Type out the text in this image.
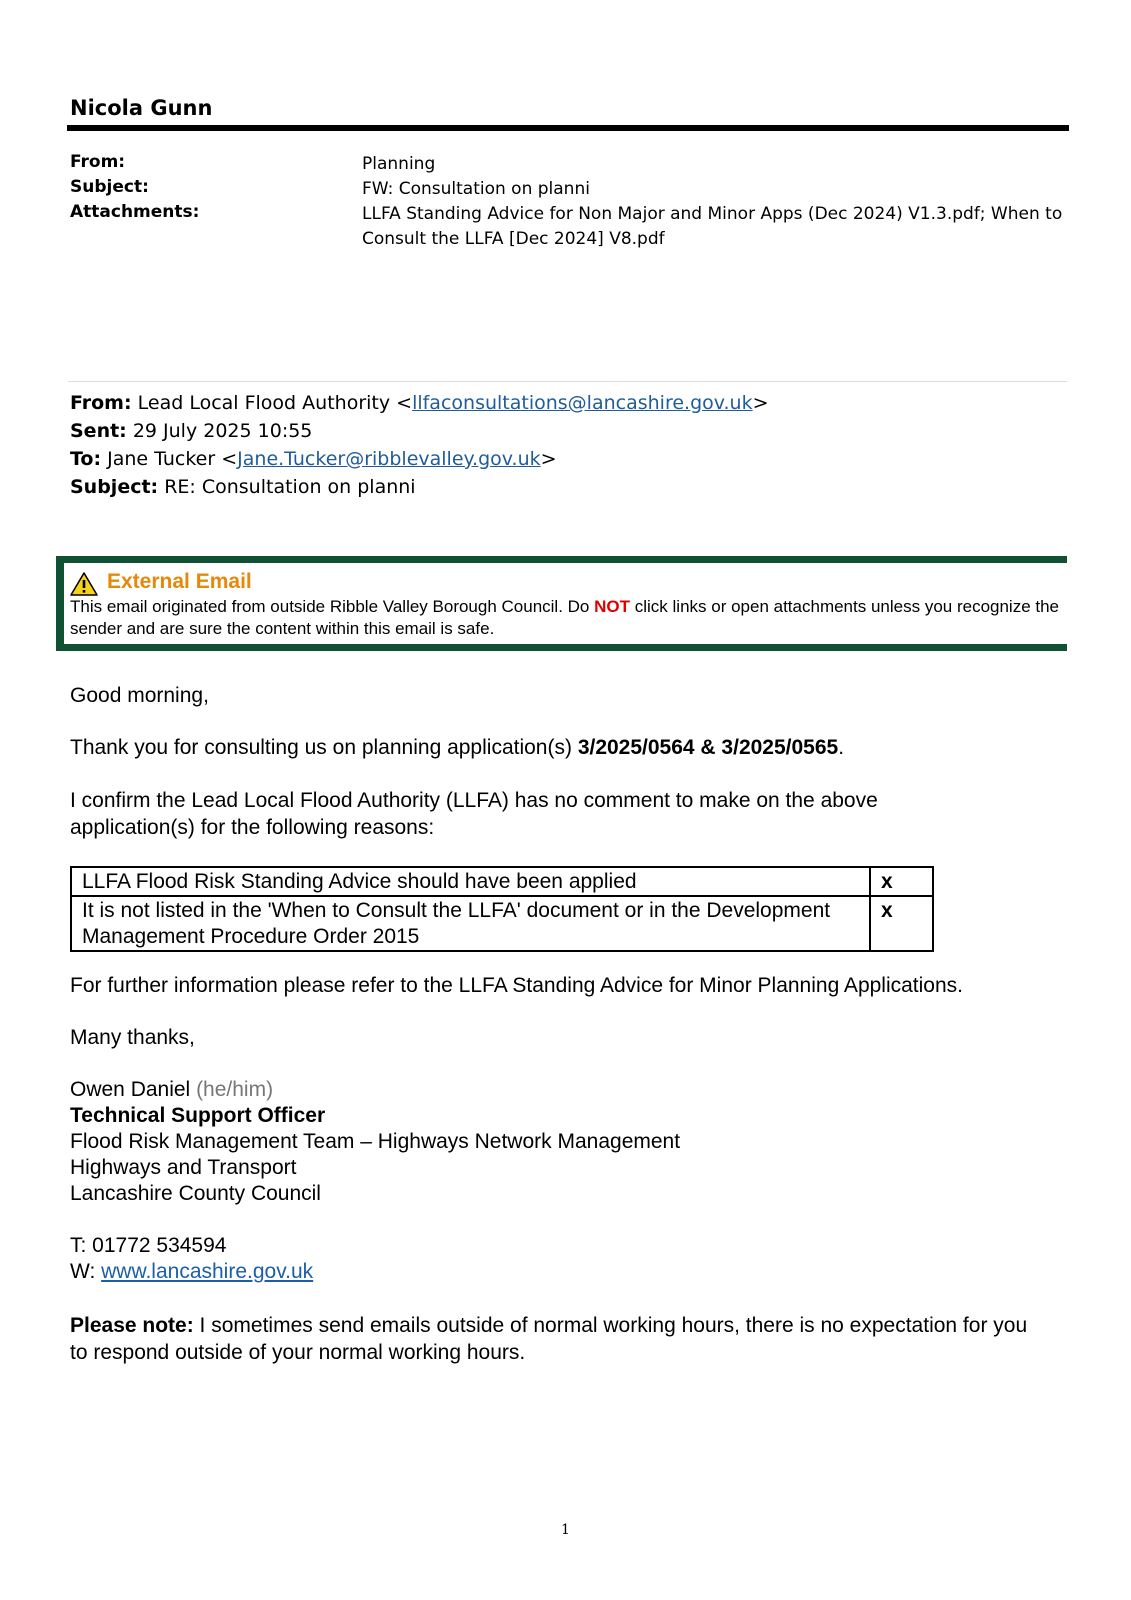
Nicola Gunn
From:	Planning
Subject:	FW: Consultation on planni
Attachments:	LLFA Standing Advice for Non Major and Minor Apps (Dec 2024) V1.3.pdf; When to
Consult the LLFA [Dec 2024] V8.pdf
From: Lead Local Flood Authority <llfaconsultations@lancashire.gov.uk>
Sent: 29 July 2025 10:55
To: Jane Tucker <Jane.Tucker@ribblevalley.gov.uk>
Subject: RE: Consultation on planni
External Email
This email originated from outside Ribble Valley Borough Council. Do NOT click links or open attachments unless you recognize the sender and are sure the content within this email is safe.
Good morning,
Thank you for consulting us on planning application(s) 3/2025/0564 & 3/2025/0565.
I confirm the Lead Local Flood Authority (LLFA) has no comment to make on the above application(s) for the following reasons:
LLFA Flood Risk Standing Advice should have been applied	x
It is not listed in the 'When to Consult the LLFA' document or in the Development Management Procedure Order 2015	x
For further information please refer to the LLFA Standing Advice for Minor Planning Applications.
Many thanks,
Owen Daniel (he/him)
Technical Support Officer
Flood Risk Management Team – Highways Network Management
Highways and Transport
Lancashire County Council
T: 01772 534594
W: www.lancashire.gov.uk
Please note: I sometimes send emails outside of normal working hours, there is no expectation for you to respond outside of your normal working hours.
1
